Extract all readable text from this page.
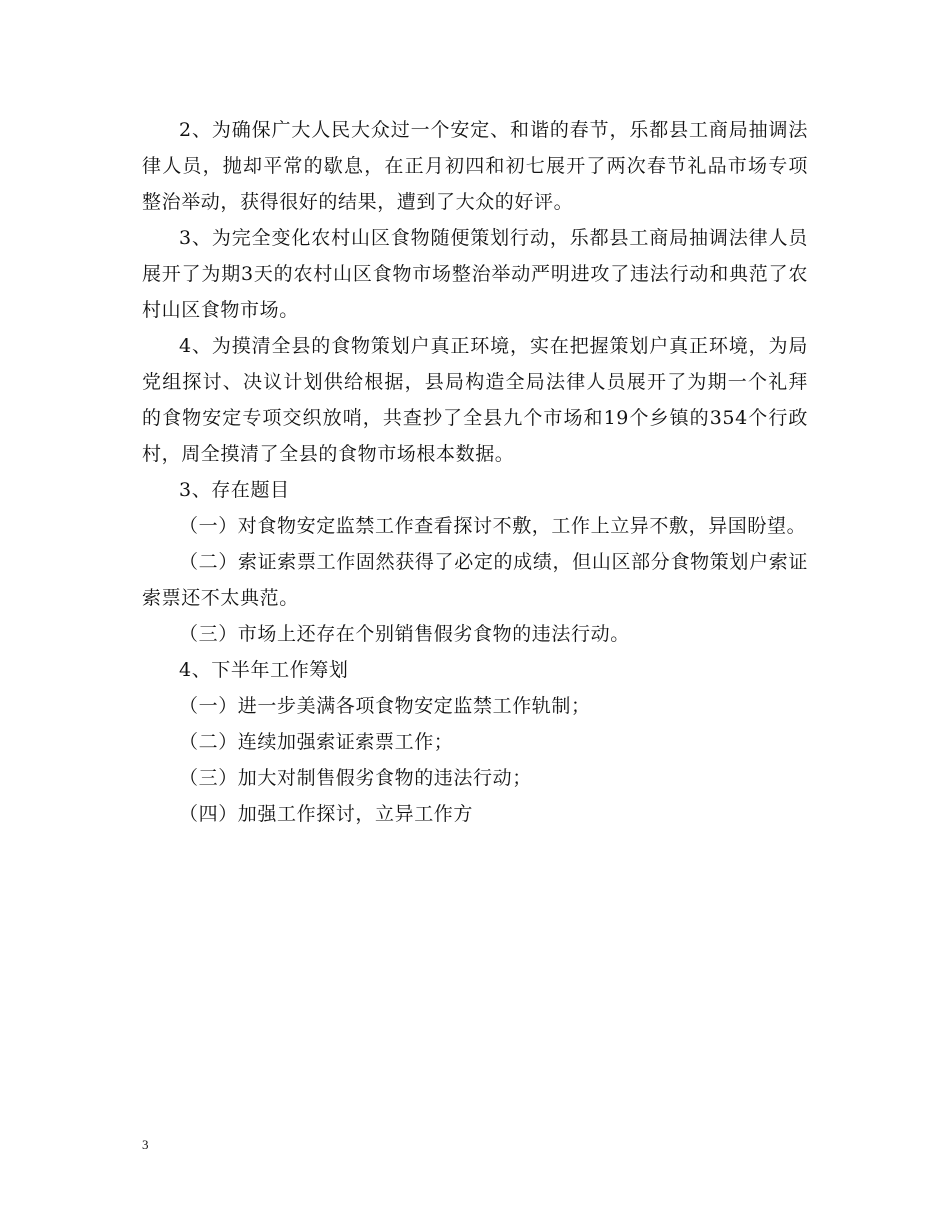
2、为确保广大人民大众过一个安定、和谐的春节，乐都县工商局抽调法律人员，抛却平常的歇息，在正月初四和初七展开了两次春节礼品市场专项整治举动，获得很好的结果，遭到了大众的好评。

3、为完全变化农村山区食物随便策划行动，乐都县工商局抽调法律人员展开了为期3天的农村山区食物市场整治举动严明进攻了违法行动和典范了农村山区食物市场。

4、为摸清全县的食物策划户真正环境，实在把握策划户真正环境，为局党组探讨、决议计划供给根据，县局构造全局法律人员展开了为期一个礼拜的食物安定专项交织放哨，共查抄了全县九个市场和19个乡镇的354个行政村，周全摸清了全县的食物市场根本数据。

3、存在题目

（一）对食物安定监禁工作查看探讨不敷，工作上立异不敷，异国盼望。

（二）索证索票工作固然获得了必定的成绩，但山区部分食物策划户索证索票还不太典范。

（三）市场上还存在个别销售假劣食物的违法行动。

4、下半年工作筹划

（一）进一步美满各项食物安定监禁工作轨制；

（二）连续加强索证索票工作；

（三）加大对制售假劣食物的违法行动；

（四）加强工作探讨，立异工作方

3
